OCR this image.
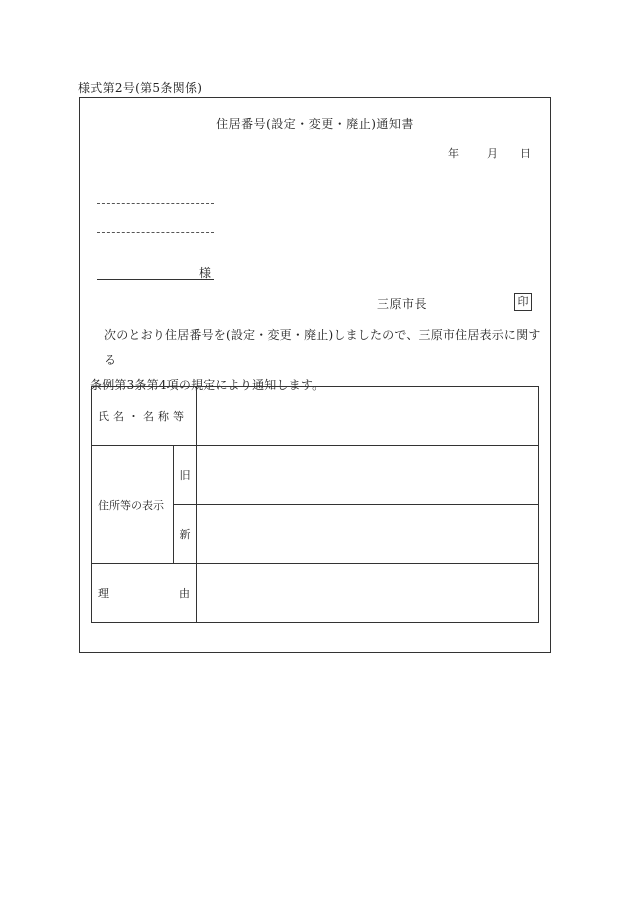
様式第2号(第5条関係)
住居番号(設定・変更・廃止)通知書
年	月 日
様
三原市長	印
次のとおり住居番号を(設定・変更・廃止)しましたので、三原市住居表示に関する
条例第3条第4項の規定により通知します。
氏名・名称等		
住所等の表示	旧	
	新	

理 由		
